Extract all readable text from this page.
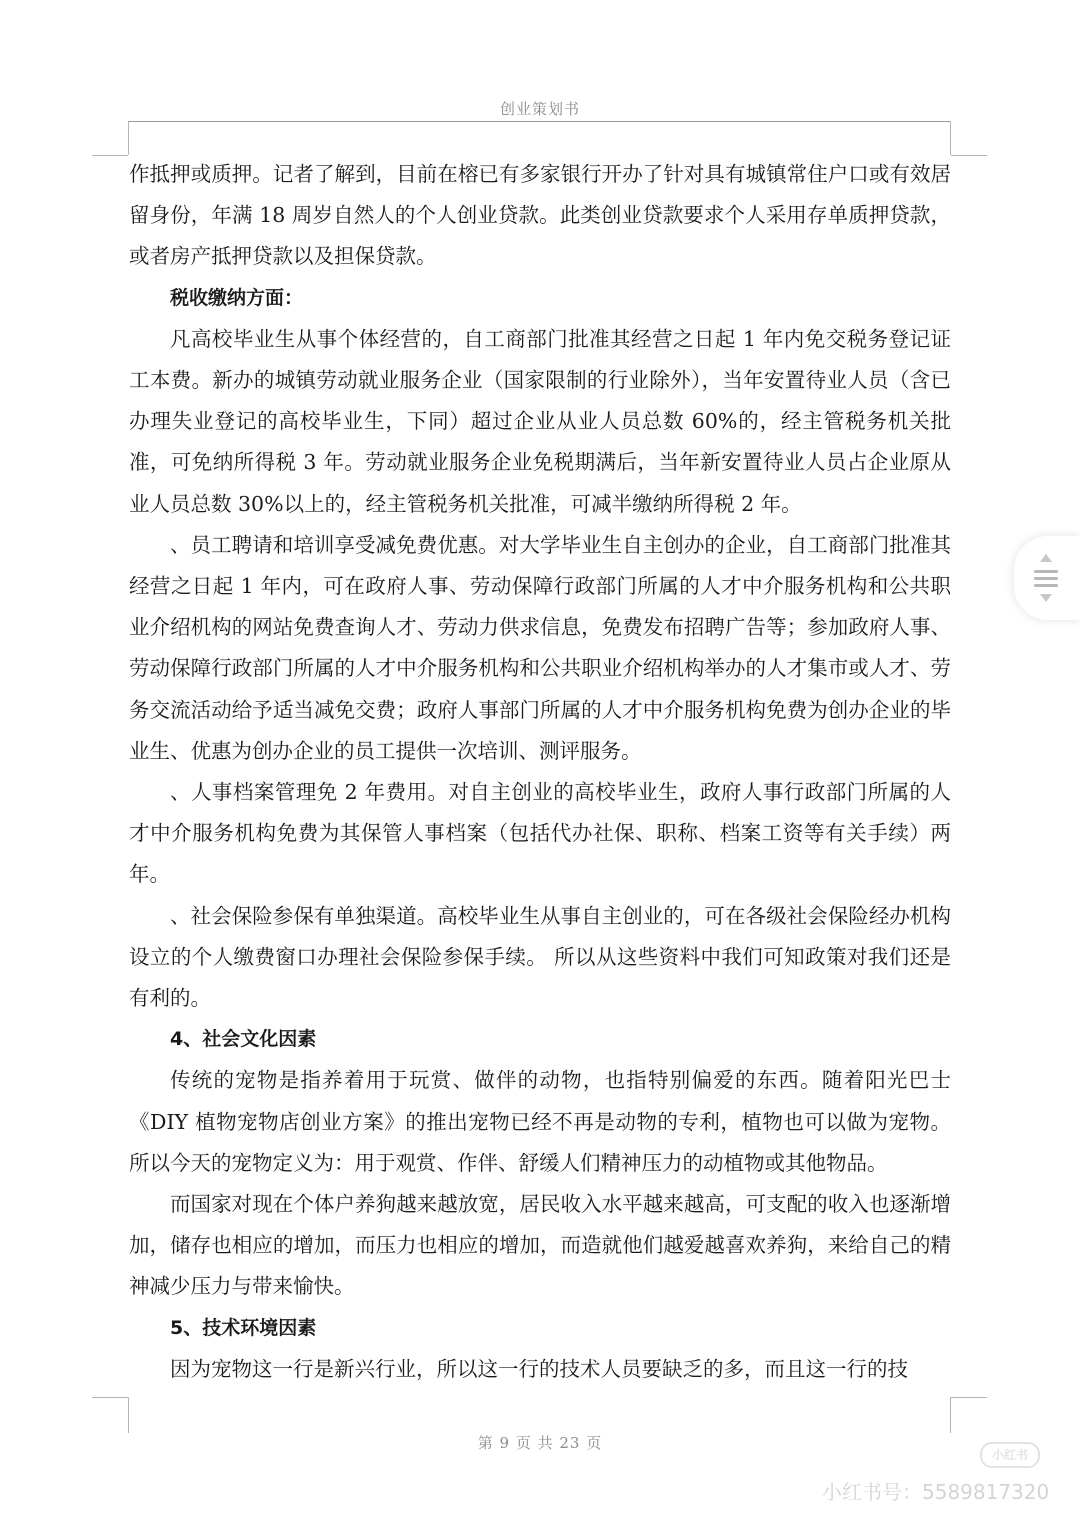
创业策划书

作抵押或质押。记者了解到，目前在榕已有多家银行开办了针对具有城镇常住户口或有效居留身份，年满 18 周岁自然人的个人创业贷款。此类创业贷款要求个人采用存单质押贷款，或者房产抵押贷款以及担保贷款。

税收缴纳方面：

凡高校毕业生从事个体经营的，自工商部门批准其经营之日起 1 年内免交税务登记证工本费。新办的城镇劳动就业服务企业（国家限制的行业除外），当年安置待业人员（含已办理失业登记的高校毕业生，下同）超过企业从业人员总数 60%的，经主管税务机关批准，可免纳所得税 3 年。劳动就业服务企业免税期满后，当年新安置待业人员占企业原从业人员总数 30%以上的，经主管税务机关批准，可减半缴纳所得税 2 年。

、员工聘请和培训享受减免费优惠。对大学毕业生自主创办的企业，自工商部门批准其经营之日起 1 年内，可在政府人事、劳动保障行政部门所属的人才中介服务机构和公共职业介绍机构的网站免费查询人才、劳动力供求信息，免费发布招聘广告等；参加政府人事、劳动保障行政部门所属的人才中介服务机构和公共职业介绍机构举办的人才集市或人才、劳务交流活动给予适当减免交费；政府人事部门所属的人才中介服务机构免费为创办企业的毕业生、优惠为创办企业的员工提供一次培训、测评服务。

、人事档案管理免 2 年费用。对自主创业的高校毕业生，政府人事行政部门所属的人才中介服务机构免费为其保管人事档案（包括代办社保、职称、档案工资等有关手续）两年。

、社会保险参保有单独渠道。高校毕业生从事自主创业的，可在各级社会保险经办机构设立的个人缴费窗口办理社会保险参保手续。 所以从这些资料中我们可知政策对我们还是有利的。

4、社会文化因素

传统的宠物是指养着用于玩赏、做伴的动物，也指特别偏爱的东西。随着阳光巴士《DIY 植物宠物店创业方案》的推出宠物已经不再是动物的专利，植物也可以做为宠物。所以今天的宠物定义为：用于观赏、作伴、舒缓人们精神压力的动植物或其他物品。

而国家对现在个体户养狗越来越放宽，居民收入水平越来越高，可支配的收入也逐渐增加，储存也相应的增加，而压力也相应的增加，而造就他们越爱越喜欢养狗，来给自己的精神减少压力与带来愉快。

5、技术环境因素

因为宠物这一行是新兴行业，所以这一行的技术人员要缺乏的多，而且这一行的技

第 9 页 共 23 页
小红书
小红书号：5589817320
